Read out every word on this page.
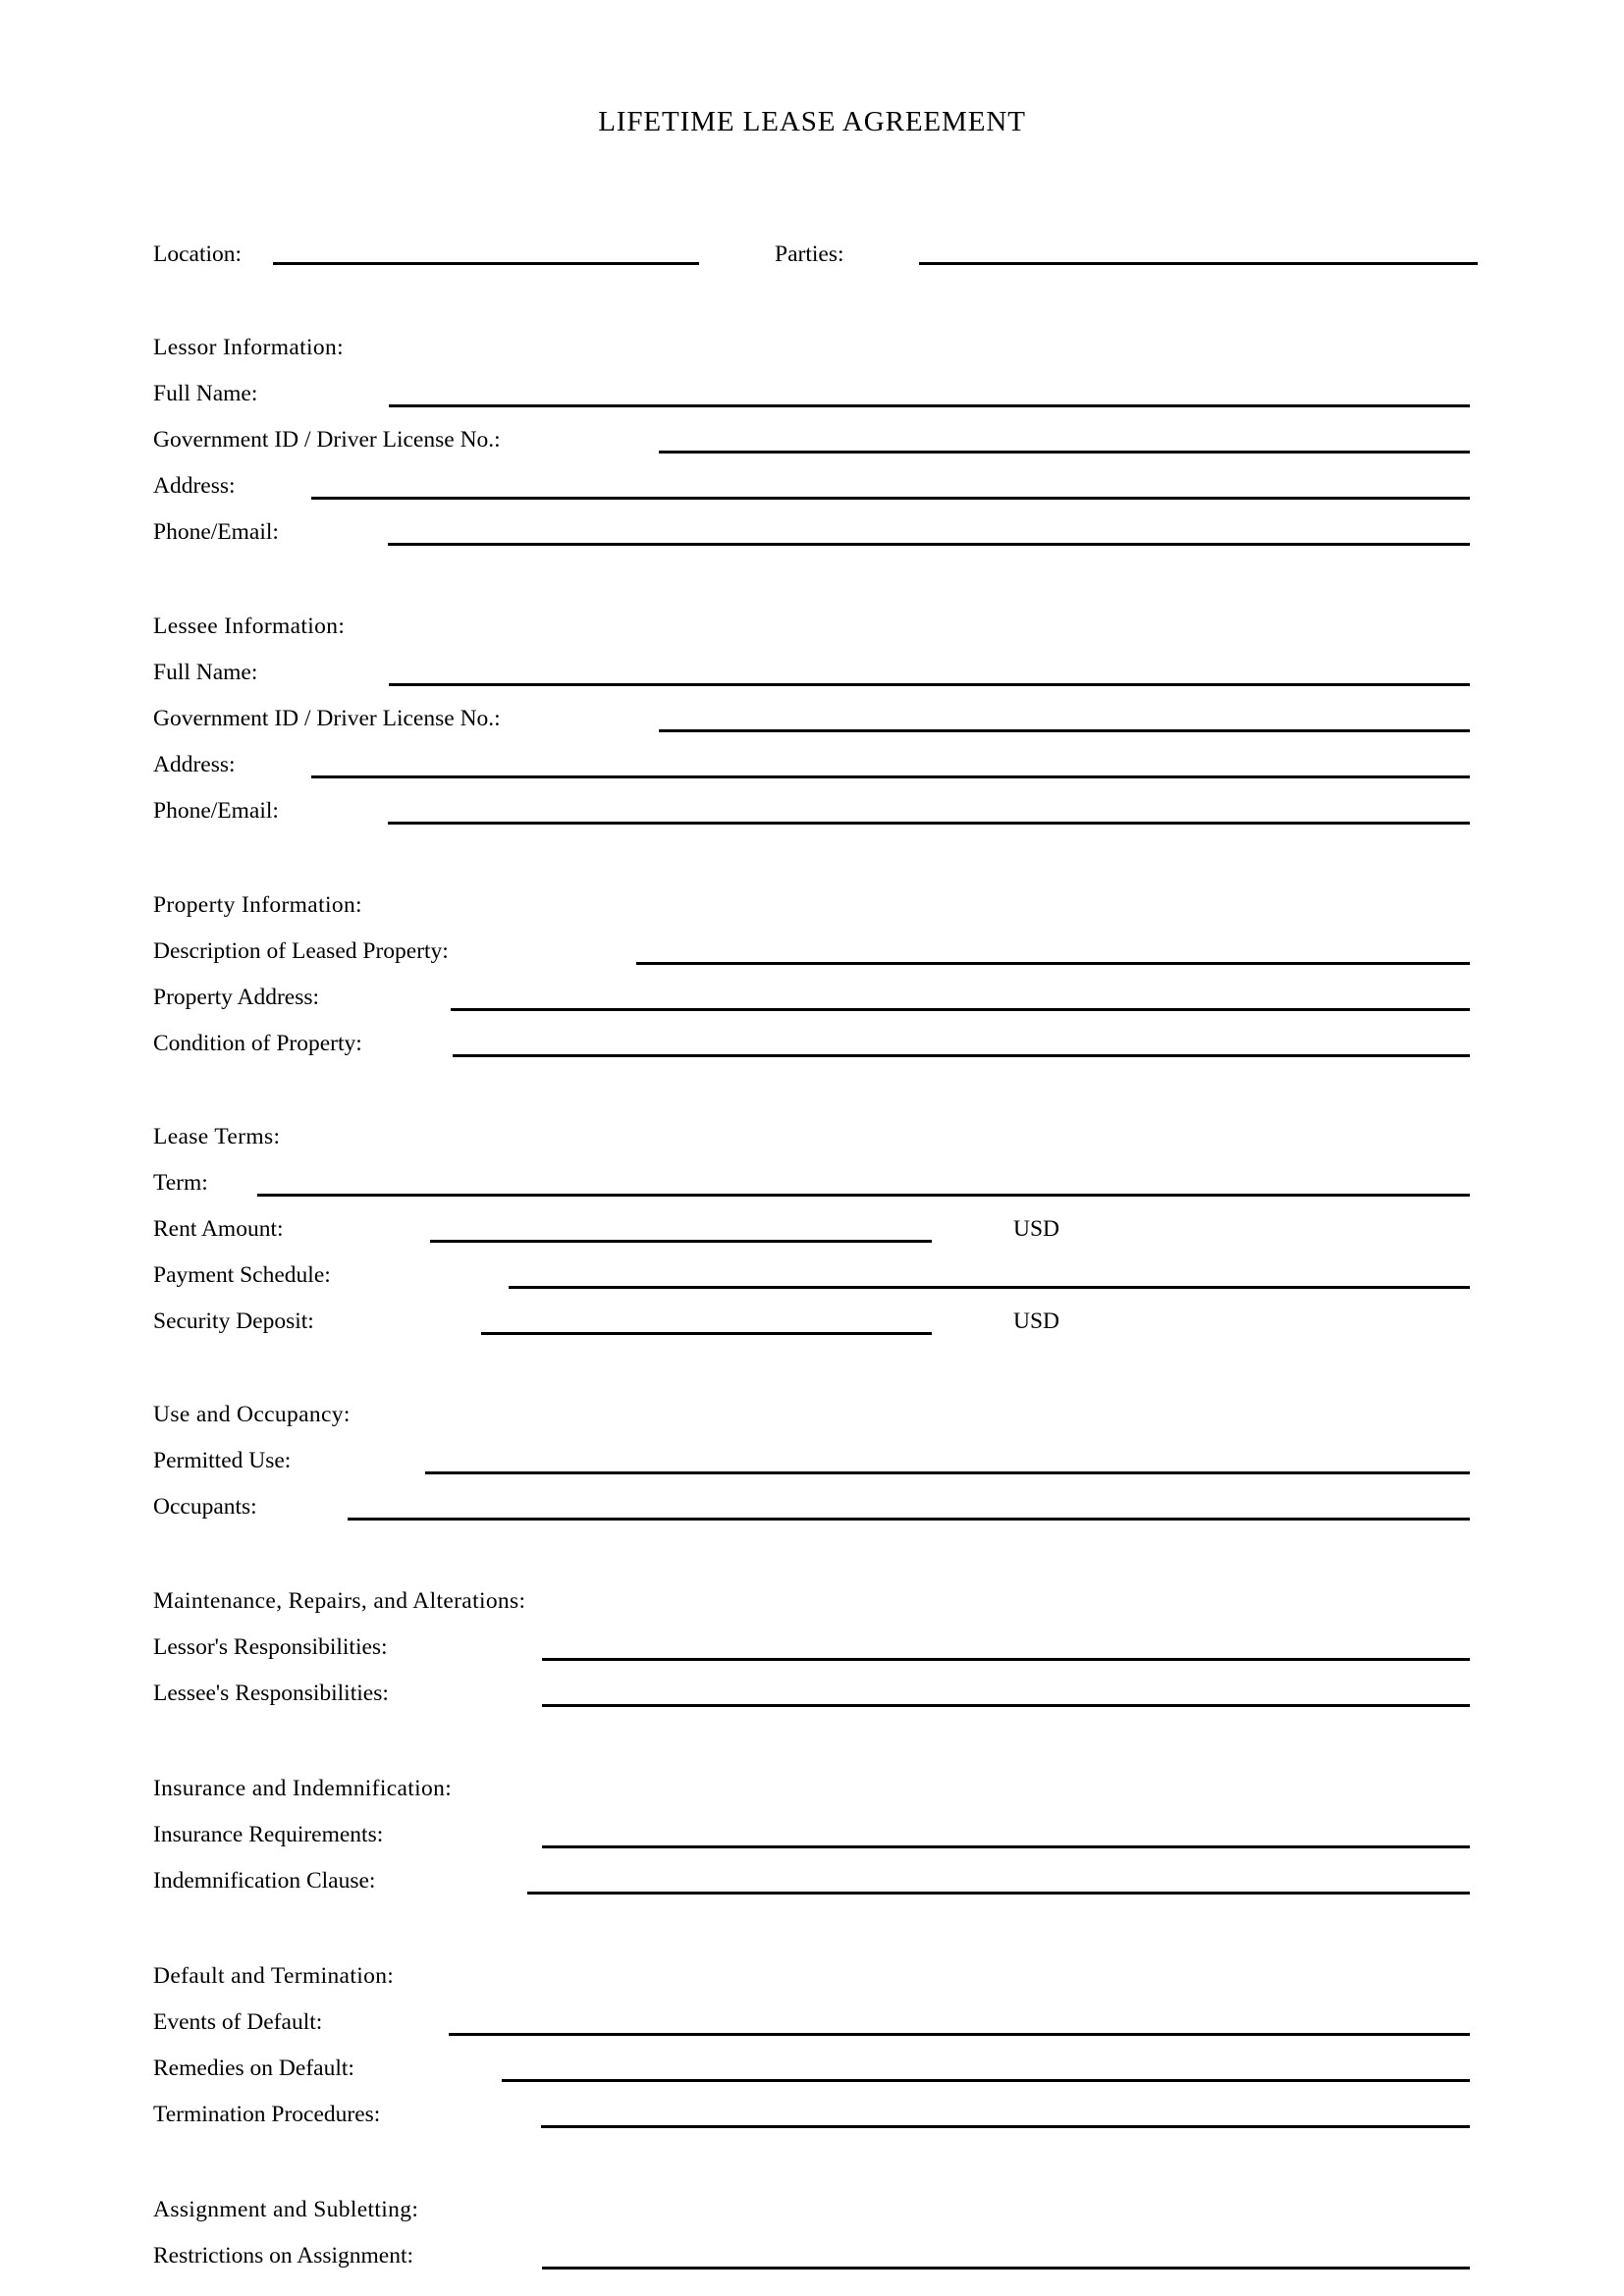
LIFETIME LEASE AGREEMENT
Location:	Parties:
Lessor Information:
Full Name:
Government ID / Driver License No.:
Address:
Phone/Email:
Lessee Information:
Full Name:
Government ID / Driver License No.:
Address:
Phone/Email:
Property Information:
Description of Leased Property:
Property Address:
Condition of Property:
Lease Terms:
Term:
Rent Amount:	USD
Payment Schedule:
Security Deposit:	USD
Use and Occupancy:
Permitted Use:
Occupants:
Maintenance, Repairs, and Alterations:
Lessor's Responsibilities:
Lessee's Responsibilities:
Insurance and Indemnification:
Insurance Requirements:
Indemnification Clause:
Default and Termination:
Events of Default:
Remedies on Default:
Termination Procedures:
Assignment and Subletting:
Restrictions on Assignment:
